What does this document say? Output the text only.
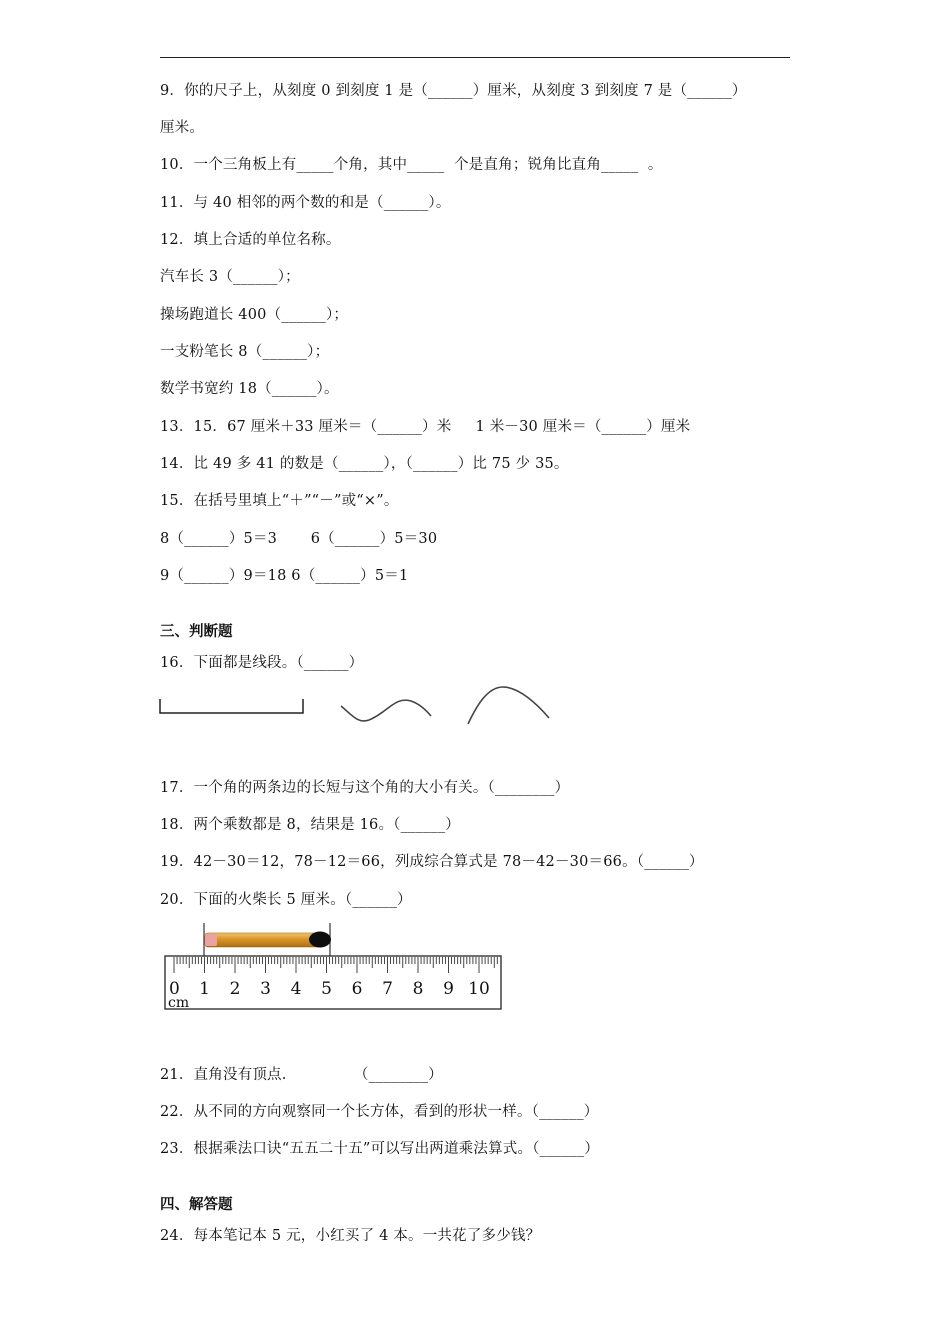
9．你的尺子上，从刻度 0 到刻度 1 是（______）厘米，从刻度 3 到刻度 7 是（______）
厘米。
10．一个三角板上有_____个角，其中_____  个是直角；锐角比直角_____  。
11．与 40 相邻的两个数的和是（______）。
12．填上合适的单位名称。
汽车长 3（______）；
操场跑道长 400（______）；
一支粉笔长 8（______）；
数学书宽约 18（______）。
13．15．67 厘米＋33 厘米＝（______）米     1 米－30 厘米＝（______）厘米
14．比 49 多 41 的数是（______），（______）比 75 少 35。
15．在括号里填上“＋”“－”或“×”。
8（______）5＝3       6（______）5＝30
9（______）9＝18 6（______）5＝1
三、判断题
16．下面都是线段。（______）
17．一个角的两条边的长短与这个角的大小有关。（________）
18．两个乘数都是 8，结果是 16。（______）
19．42－30＝12，78－12＝66，列成综合算式是 78－42－30＝66。（______）
20．下面的火柴长 5 厘米。（______）
0 1 2 3 4 5 6 7 8 9 10
cm
21．直角没有顶点.              （________）
22．从不同的方向观察同一个长方体，看到的形状一样。（______）
23．根据乘法口诀“五五二十五”可以写出两道乘法算式。（______）
四、解答题
24．每本笔记本 5 元，小红买了 4 本。一共花了多少钱？
